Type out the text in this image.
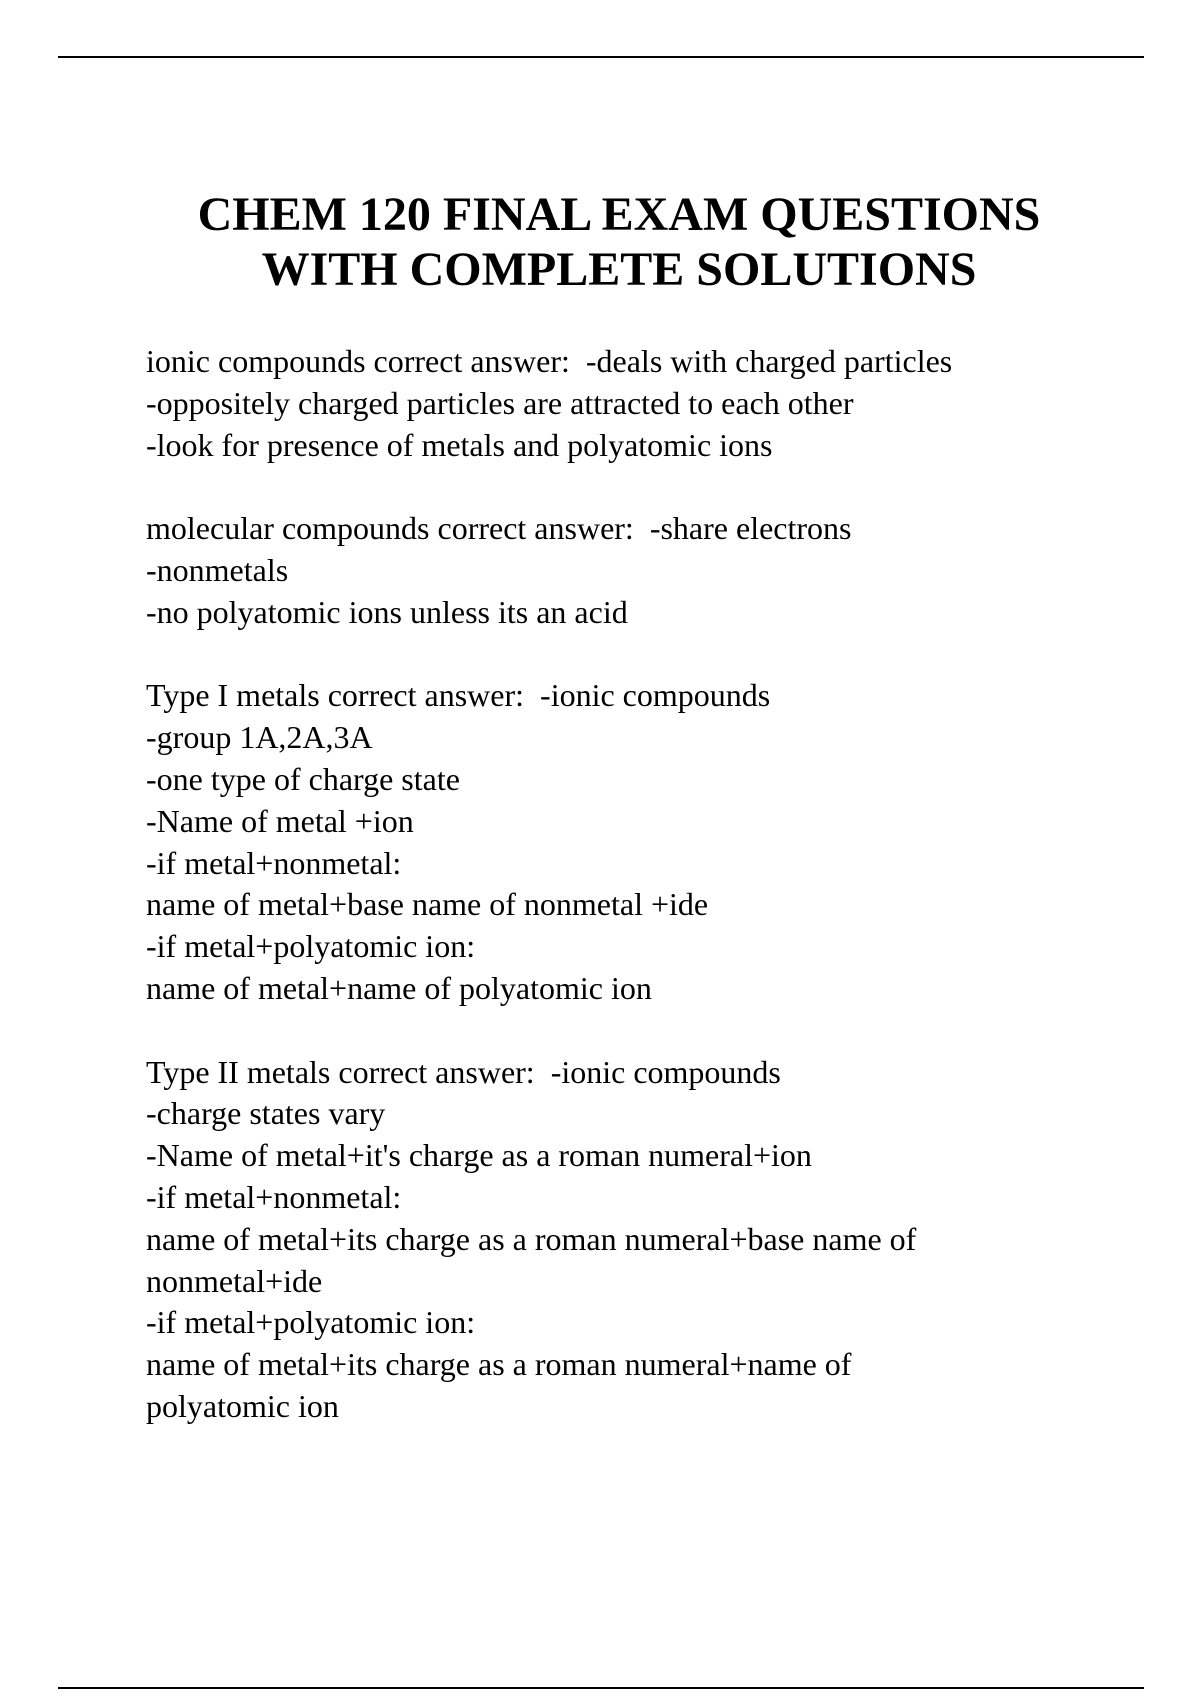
CHEM 120 FINAL EXAM QUESTIONS
WITH COMPLETE SOLUTIONS
ionic compounds correct answer:  -deals with charged particles
-oppositely charged particles are attracted to each other
-look for presence of metals and polyatomic ions
molecular compounds correct answer:  -share electrons
-nonmetals
-no polyatomic ions unless its an acid
Type I metals correct answer:  -ionic compounds
-group 1A,2A,3A
-one type of charge state
-Name of metal +ion
-if metal+nonmetal:
name of metal+base name of nonmetal +ide
-if metal+polyatomic ion:
name of metal+name of polyatomic ion
Type II metals correct answer:  -ionic compounds
-charge states vary
-Name of metal+it's charge as a roman numeral+ion
-if metal+nonmetal:
name of metal+its charge as a roman numeral+base name of
nonmetal+ide
-if metal+polyatomic ion:
name of metal+its charge as a roman numeral+name of
polyatomic ion
